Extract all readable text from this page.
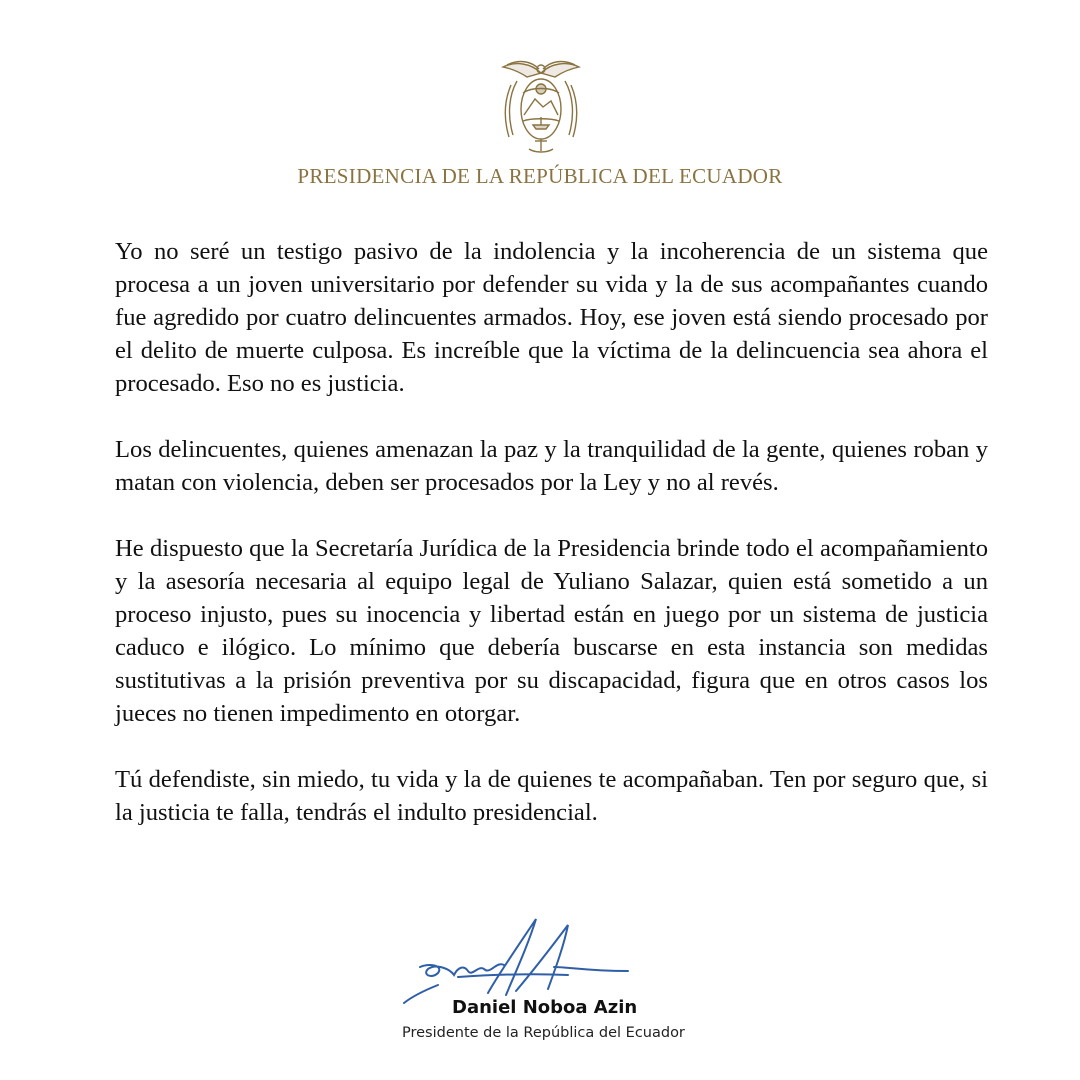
PRESIDENCIA DE LA REPÚBLICA DEL ECUADOR

Yo no seré un testigo pasivo de la indolencia y la incoherencia de un sistema que procesa a un joven universitario por defender su vida y la de sus acompañantes cuando fue agredido por cuatro delincuentes armados. Hoy, ese joven está siendo procesado por el delito de muerte culposa. Es increíble que la víctima de la delincuencia sea ahora el procesado. Eso no es justicia.

Los delincuentes, quienes amenazan la paz y la tranquilidad de la gente, quienes roban y matan con violencia, deben ser procesados por la Ley y no al revés.

He dispuesto que la Secretaría Jurídica de la Presidencia brinde todo el acompañamiento y la asesoría necesaria al equipo legal de Yuliano Salazar, quien está sometido a un proceso injusto, pues su inocencia y libertad están en juego por un sistema de justicia caduco e ilógico. Lo mínimo que debería buscarse en esta instancia son medidas sustitutivas a la prisión preventiva por su discapacidad, figura que en otros casos los jueces no tienen impedimento en otorgar.

Tú defendiste, sin miedo, tu vida y la de quienes te acompañaban. Ten por seguro que, si la justicia te falla, tendrás el indulto presidencial.

Daniel Noboa Azin
Presidente de la República del Ecuador
